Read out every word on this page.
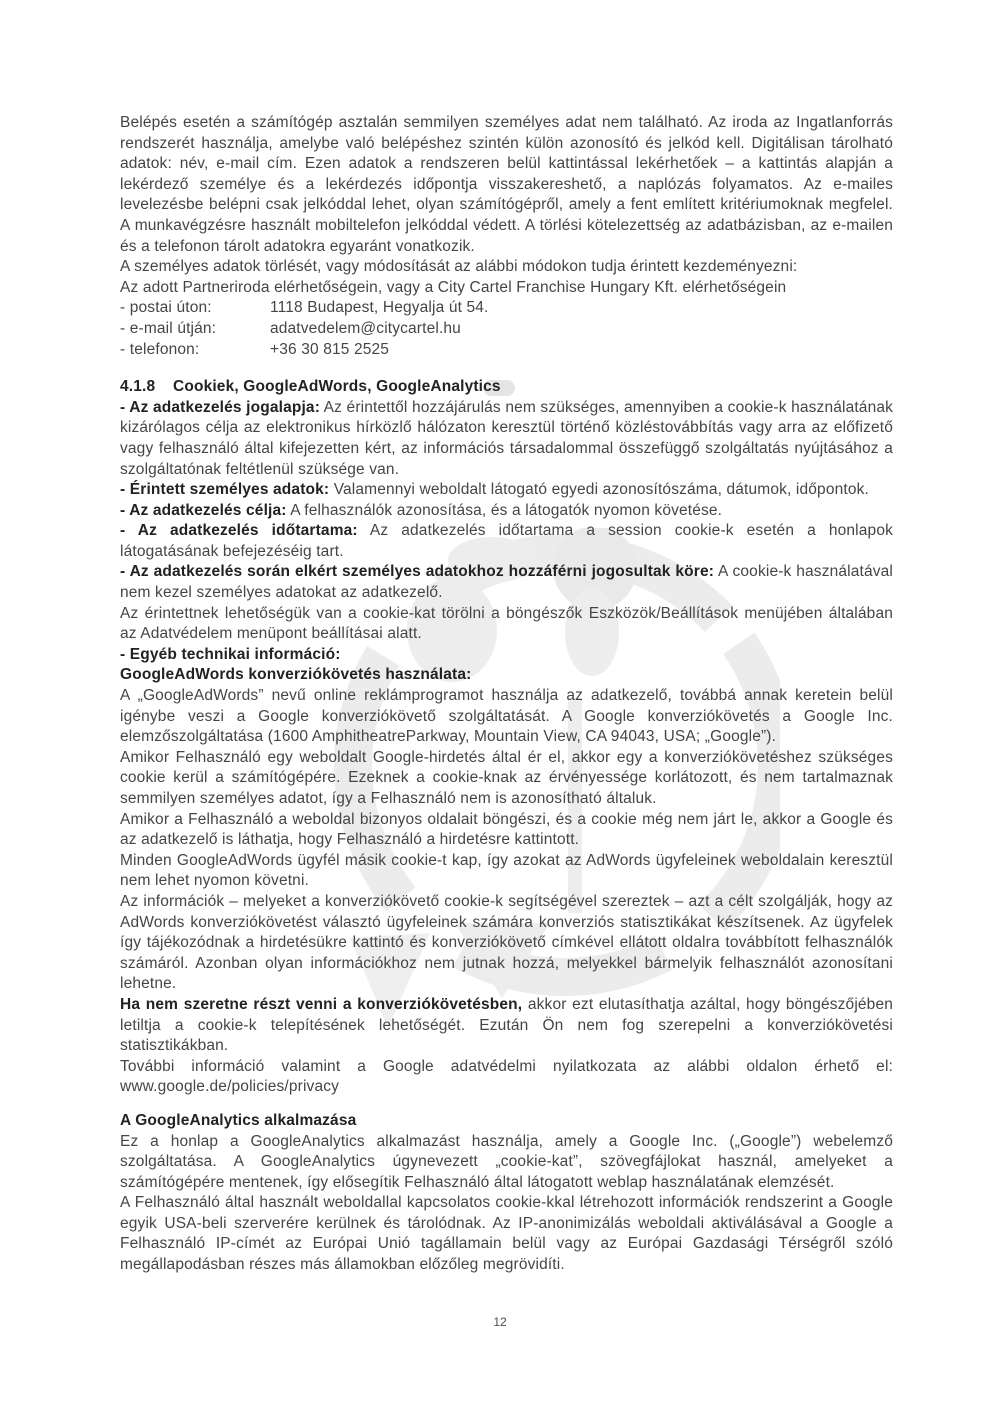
Belépés esetén a számítógép asztalán semmilyen személyes adat nem található. Az iroda az Ingatlanforrás rendszerét használja, amelybe való belépéshez szintén külön azonosító és jelkód kell. Digitálisan tárolható adatok: név, e-mail cím. Ezen adatok a rendszeren belül kattintással lekérhetőek – a kattintás alapján a lekérdező személye és a lekérdezés időpontja visszakereshető, a naplózás folyamatos. Az e-mailes levelezésbe belépni csak jelkóddal lehet, olyan számítógépről, amely a fent említett kritériumoknak megfelel. A munkavégzésre használt mobiltelefon jelkóddal védett. A törlési kötelezettség az adatbázisban, az e-mailen és a telefonon tárolt adatokra egyaránt vonatkozik.

A személyes adatok törlését, vagy módosítását az alábbi módokon tudja érintett kezdeményezni:

Az adott Partneriroda elérhetőségein, vagy a City Cartel Franchise Hungary Kft. elérhetőségein

- postai úton:	1118 Budapest, Hegyalja út 54.
- e-mail útján:	adatvedelem@citycartel.hu
- telefonon:	+36 30 815 2525
4.1.8	Cookiek, GoogleAdWords, GoogleAnalytics

- Az adatkezelés jogalapja: Az érintettől hozzájárulás nem szükséges, amennyiben a cookie-k használatának kizárólagos célja az elektronikus hírközlő hálózaton keresztül történő közléstovábbítás vagy arra az előfizető vagy felhasználó által kifejezetten kért, az információs társadalommal összefüggő szolgáltatás nyújtásához a szolgáltatónak feltétlenül szüksége van.

- Érintett személyes adatok: Valamennyi weboldalt látogató egyedi azonosítószáma, dátumok, időpontok.

- Az adatkezelés célja: A felhasználók azonosítása, és a látogatók nyomon követése.

- Az adatkezelés időtartama: Az adatkezelés időtartama a session cookie-k esetén a honlapok látogatásának befejezéséig tart.

- Az adatkezelés során elkért személyes adatokhoz hozzáférni jogosultak köre: A cookie-k használatával nem kezel személyes adatokat az adatkezelő.

Az érintettnek lehetőségük van a cookie-kat törölni a böngészők Eszközök/Beállítások menüjében általában az Adatvédelem menüpont beállításai alatt.

- Egyéb technikai információ:

GoogleAdWords konverziókövetés használata:

A „GoogleAdWords” nevű online reklámprogramot használja az adatkezelő, továbbá annak keretein belül igénybe veszi a Google konverziókövető szolgáltatását. A Google konverziókövetés a Google Inc. elemzőszolgáltatása (1600 AmphitheatreParkway, Mountain View, CA 94043, USA; „Google”).

Amikor Felhasználó egy weboldalt Google-hirdetés által ér el, akkor egy a konverziókövetéshez szükséges cookie kerül a számítógépére. Ezeknek a cookie-knak az érvényessége korlátozott, és nem tartalmaznak semmilyen személyes adatot, így a Felhasználó nem is azonosítható általuk.

Amikor a Felhasználó a weboldal bizonyos oldalait böngészi, és a cookie még nem járt le, akkor a Google és az adatkezelő is láthatja, hogy Felhasználó a hirdetésre kattintott.

Minden GoogleAdWords ügyfél másik cookie-t kap, így azokat az AdWords ügyfeleinek weboldalain keresztül nem lehet nyomon követni.

Az információk – melyeket a konverziókövető cookie-k segítségével szereztek – azt a célt szolgálják, hogy az AdWords konverziókövetést választó ügyfeleinek számára konverziós statisztikákat készítsenek. Az ügyfelek így tájékozódnak a hirdetésükre kattintó és konverziókövető címkével ellátott oldalra továbbított felhasználók számáról. Azonban olyan információkhoz nem jutnak hozzá, melyekkel bármelyik felhasználót azonosítani lehetne.

Ha nem szeretne részt venni a konverziókövetésben, akkor ezt elutasíthatja azáltal, hogy böngészőjében letiltja a cookie-k telepítésének lehetőségét. Ezután Ön nem fog szerepelni a konverziókövetési statisztikákban.

További információ valamint a Google adatvédelmi nyilatkozata az alábbi oldalon érhető el:

www.google.de/policies/privacy

A GoogleAnalytics alkalmazása

Ez a honlap a GoogleAnalytics alkalmazást használja, amely a Google Inc. („Google”) webelemző szolgáltatása. A GoogleAnalytics úgynevezett „cookie-kat”, szövegfájlokat használ, amelyeket a számítógépére mentenek, így elősegítik Felhasználó által látogatott weblap használatának elemzését.

A Felhasználó által használt weboldallal kapcsolatos cookie-kkal létrehozott információk rendszerint a Google egyik USA-beli szerverére kerülnek és tárolódnak. Az IP-anonimizálás weboldali aktiválásával a Google a Felhasználó IP-címét az Európai Unió tagállamain belül vagy az Európai Gazdasági Térségről szóló megállapodásban részes más államokban előzőleg megrövidíti.

12
